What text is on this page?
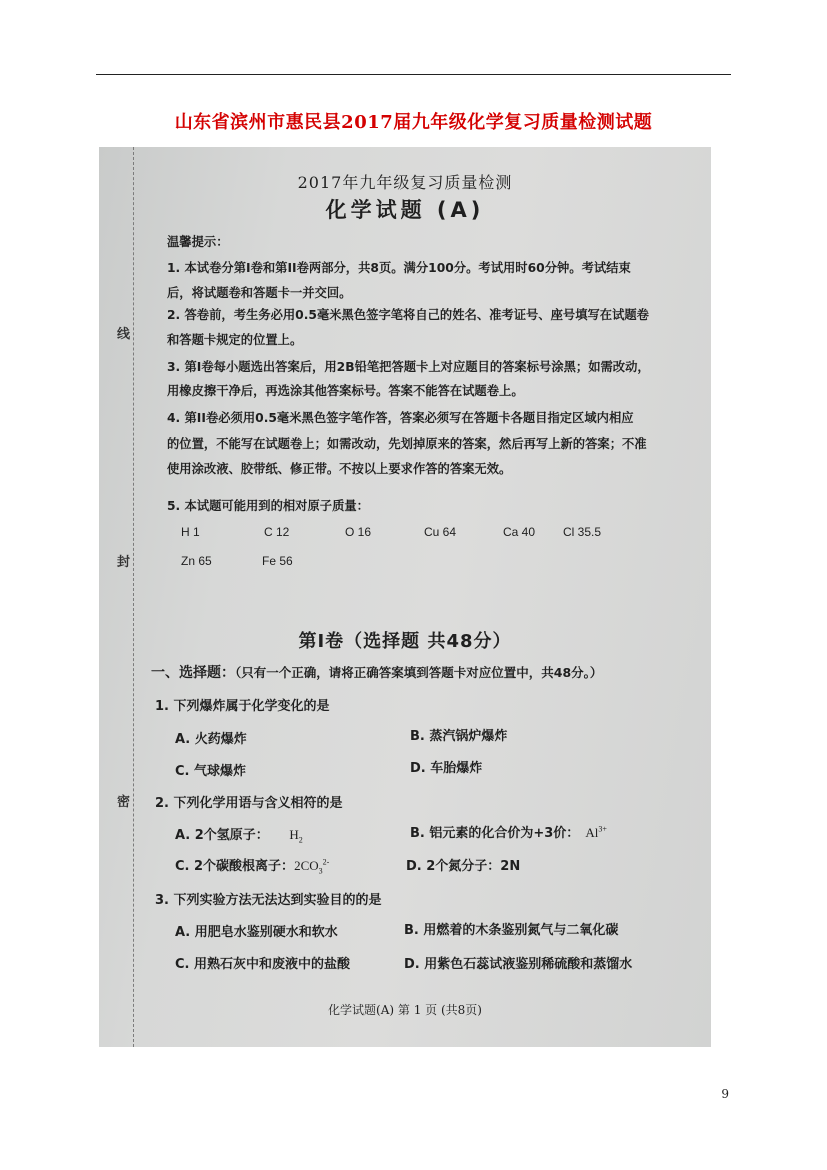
山东省滨州市惠民县2017届九年级化学复习质量检测试题
线
封
密
2017年九年级复习质量检测
化学试题 (A)
温馨提示：
1. 本试卷分第I卷和第II卷两部分，共8页。满分100分。考试用时60分钟。考试结束
后，将试题卷和答题卡一并交回。
2. 答卷前，考生务必用0.5毫米黑色签字笔将自己的姓名、准考证号、座号填写在试题卷
和答题卡规定的位置上。
3. 第I卷每小题选出答案后，用2B铅笔把答题卡上对应题目的答案标号涂黑；如需改动，
用橡皮擦干净后，再选涂其他答案标号。答案不能答在试题卷上。
4. 第II卷必须用0.5毫米黑色签字笔作答，答案必须写在答题卡各题目指定区域内相应
的位置，不能写在试题卷上；如需改动，先划掉原来的答案，然后再写上新的答案；不准
使用涂改液、胶带纸、修正带。不按以上要求作答的答案无效。
5. 本试题可能用到的相对原子质量：
H 1	C 12	O 16	Cu 64	Ca 40 Cl 35.5
Zn 65	Fe 56
第I卷（选择题 共48分）
一、选择题：（只有一个正确，请将正确答案填到答题卡对应位置中，共48分。）
1. 下列爆炸属于化学变化的是
A. 火药爆炸	B. 蒸汽锅炉爆炸
C. 气球爆炸	D. 车胎爆炸
2. 下列化学用语与含义相符的是
A. 2个氢原子： $H_2$	B. 铝元素的化合价为+3价： $Al^{3+}$
C. 2个碳酸根离子：$2CO_3^{2-}$	D. 2个氮分子：2N
3. 下列实验方法无法达到实验目的的是
A. 用肥皂水鉴别硬水和软水	B. 用燃着的木条鉴别氮气与二氧化碳
C. 用熟石灰中和废液中的盐酸	D. 用紫色石蕊试液鉴别稀硫酸和蒸馏水
化学试题(A) 第 1 页 (共8页)
9
